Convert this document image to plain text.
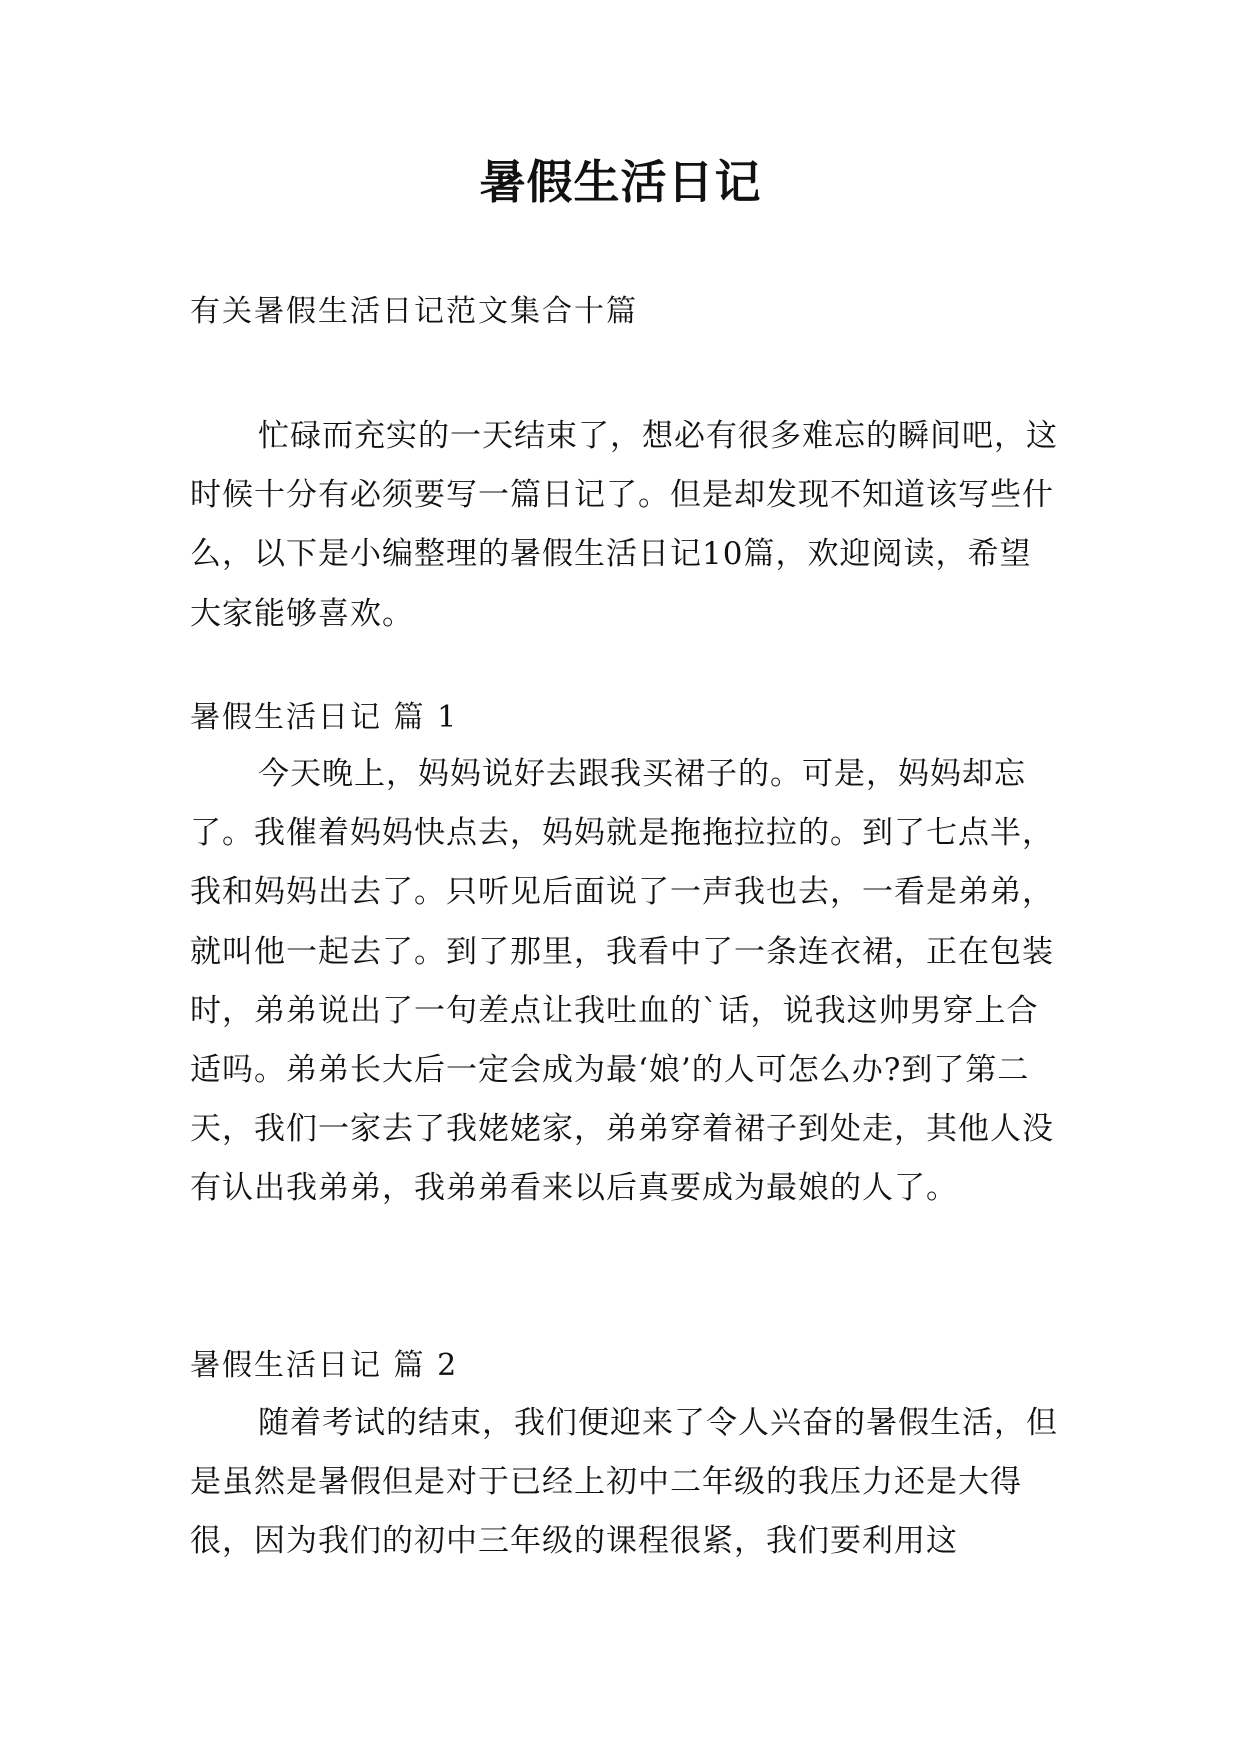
暑假生活日记
有关暑假生活日记范文集合十篇

忙碌而充实的一天结束了，想必有很多难忘的瞬间吧，这时候十分有必须要写一篇日记了。但是却发现不知道该写些什么，以下是小编整理的暑假生活日记10篇，欢迎阅读，希望大家能够喜欢。

暑假生活日记 篇 1

今天晚上，妈妈说好去跟我买裙子的。可是，妈妈却忘了。我催着妈妈快点去，妈妈就是拖拖拉拉的。到了七点半，我和妈妈出去了。只听见后面说了一声我也去，一看是弟弟，就叫他一起去了。到了那里，我看中了一条连衣裙，正在包装时，弟弟说出了一句差点让我吐血的`话，说我这帅男穿上合适吗。弟弟长大后一定会成为最‘娘’的人可怎么办?到了第二天，我们一家去了我姥姥家，弟弟穿着裙子到处走，其他人没有认出我弟弟，我弟弟看来以后真要成为最娘的人了。

暑假生活日记 篇 2

随着考试的结束，我们便迎来了令人兴奋的暑假生活，但是虽然是暑假但是对于已经上初中二年级的我压力还是大得很，因为我们的初中三年级的课程很紧，我们要利用这
